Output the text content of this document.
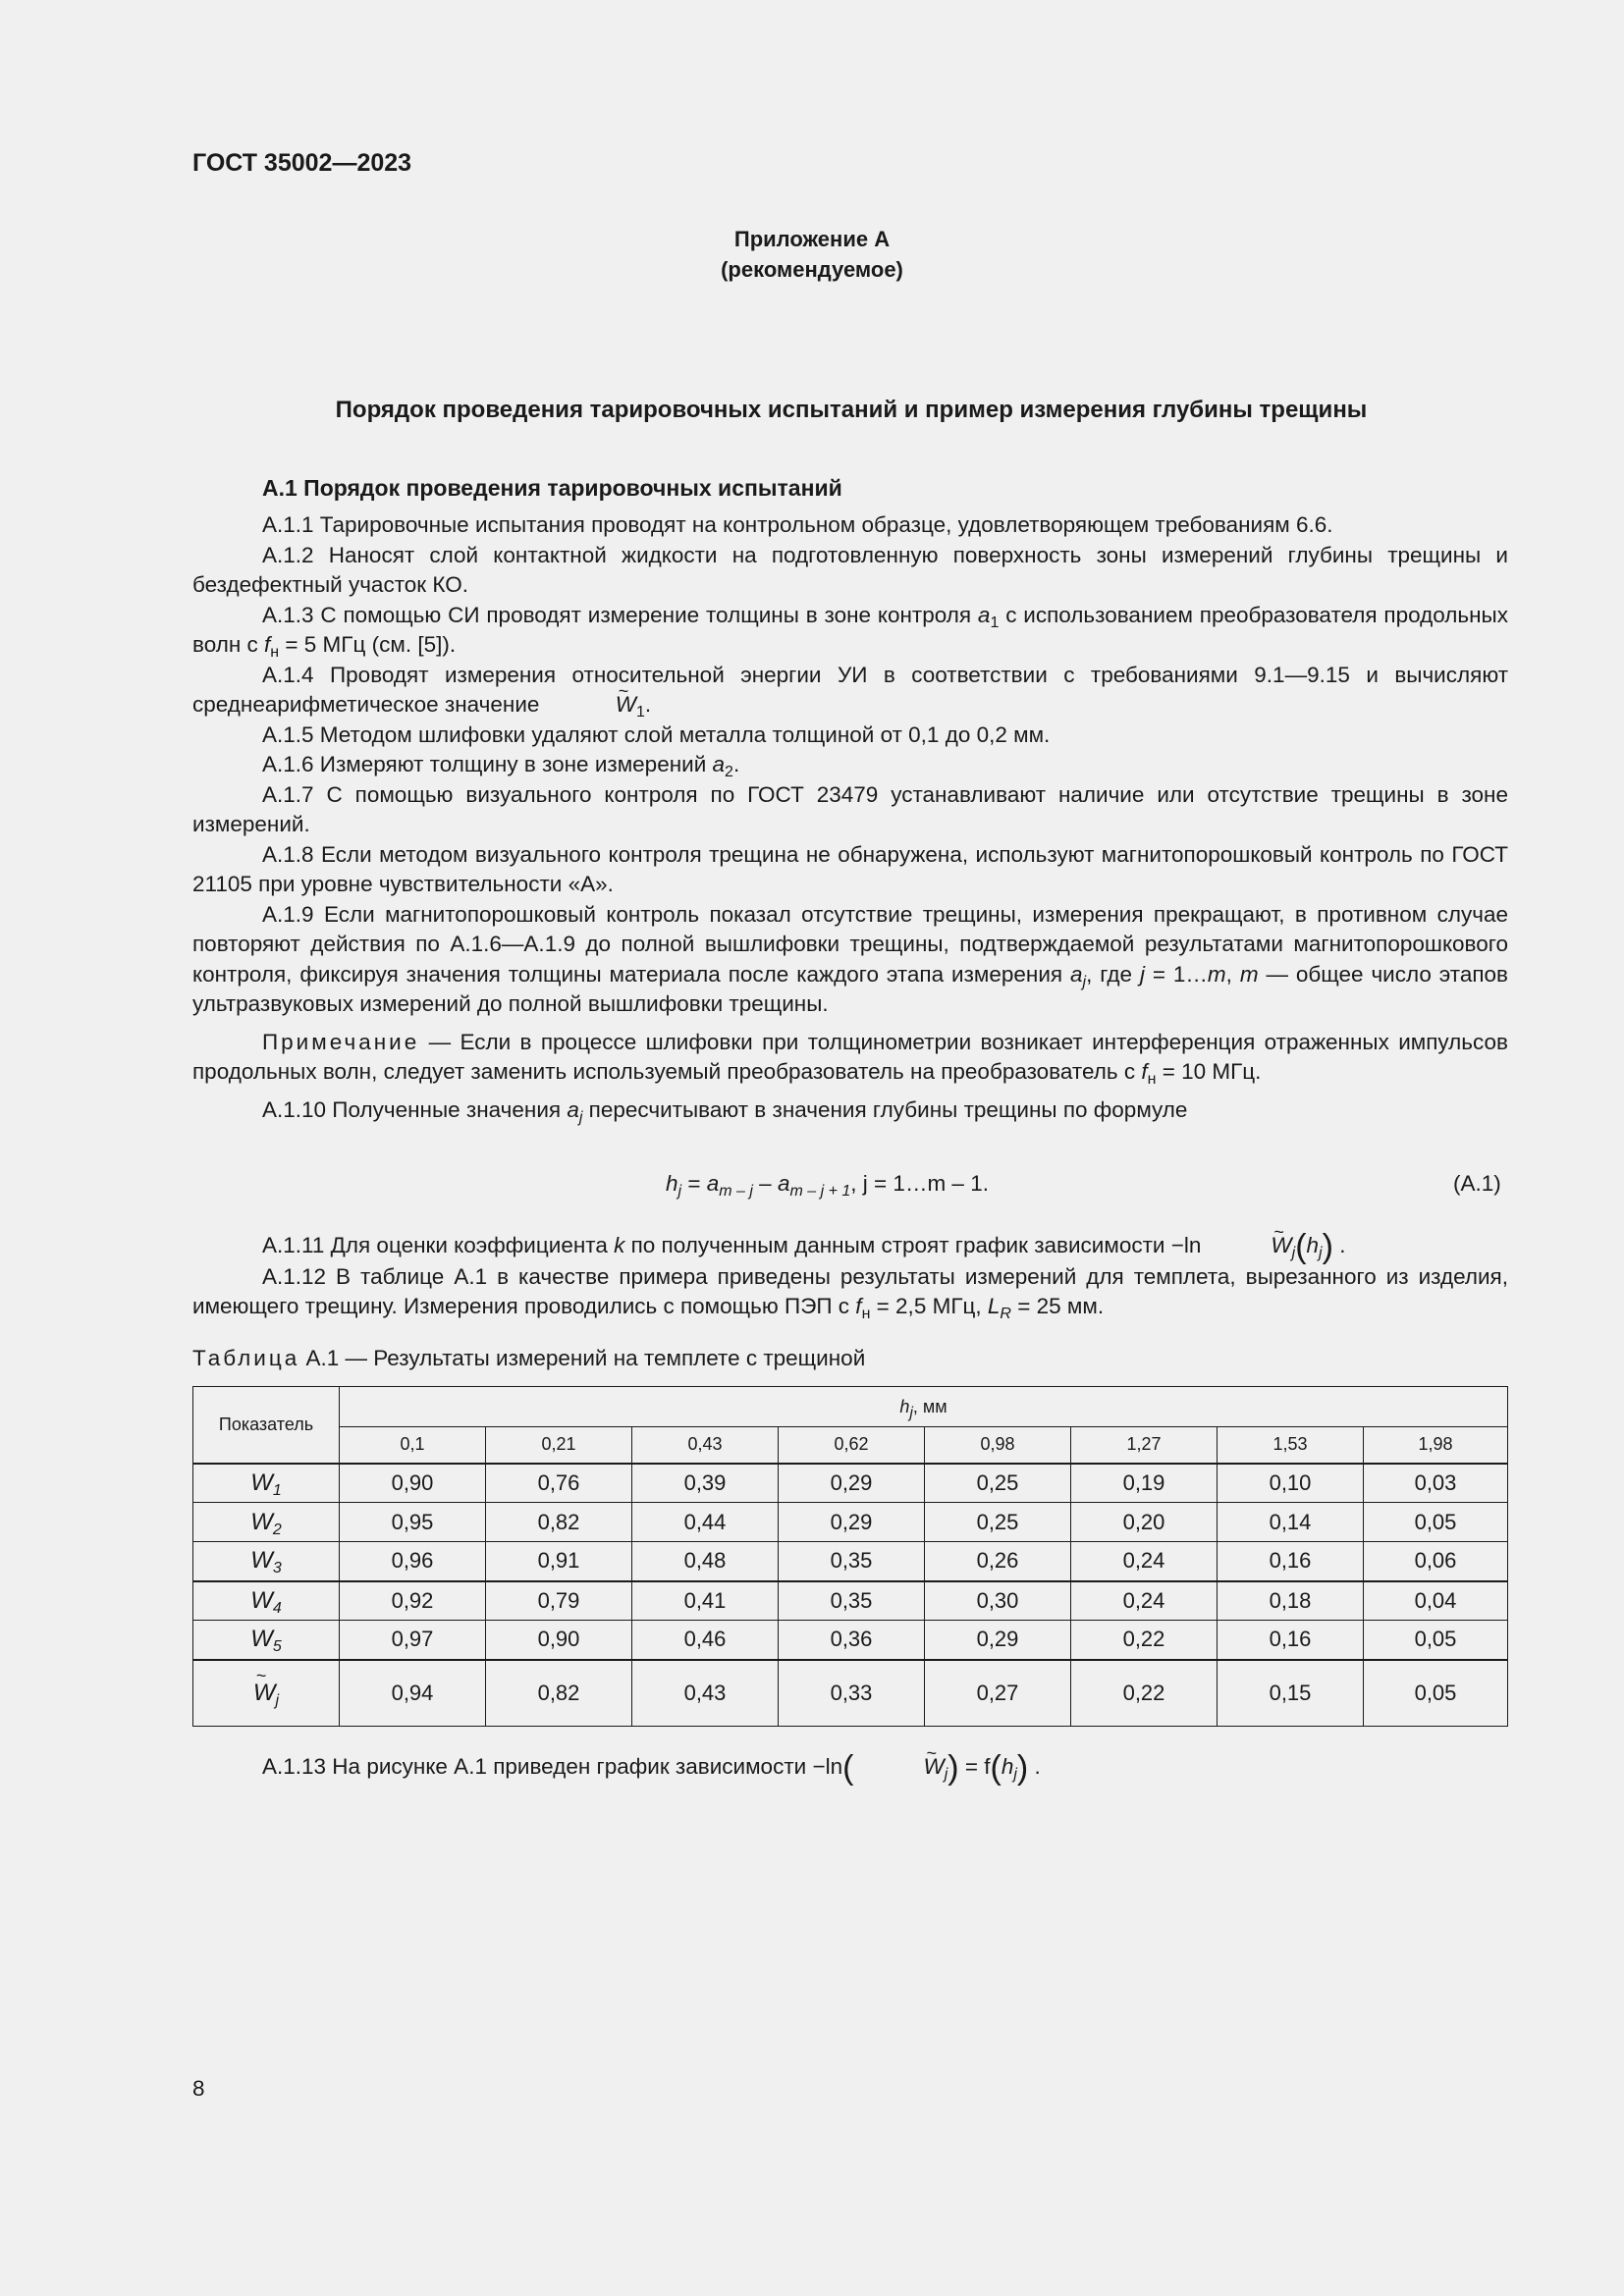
ГОСТ 35002—2023
Приложение А
(рекомендуемое)
Порядок проведения тарировочных испытаний и пример измерения глубины трещины
А.1 Порядок проведения тарировочных испытаний

А.1.1 Тарировочные испытания проводят на контрольном образце, удовлетворяющем требованиям 6.6.

А.1.2 Наносят слой контактной жидкости на подготовленную поверхность зоны измерений глубины трещины и бездефектный участок КО.

А.1.3 С помощью СИ проводят измерение толщины в зоне контроля $a_1$ с использованием преобразователя продольных волн с $f_н = 5$ МГц (см. [5]).

А.1.4 Проводят измерения относительной энергии УИ в соответствии с требованиями 9.1—9.15 и вычисляют среднеарифметическое значение	~ $W_1$.

А.1.5 Методом шлифовки удаляют слой металла толщиной от 0,1 до 0,2 мм.

А.1.6 Измеряют толщину в зоне измерений $a_2$.

А.1.7 С помощью визуального контроля по ГОСТ 23479 устанавливают наличие или отсутствие трещины в зоне измерений.

А.1.8 Если методом визуального контроля трещина не обнаружена, используют магнитопорошковый контроль по ГОСТ 21105 при уровне чувствительности «А».

А.1.9 Если магнитопорошковый контроль показал отсутствие трещины, измерения прекращают, в противном случае повторяют действия по А.1.6—А.1.9 до полной вышлифовки трещины, подтверждаемой результатами магнитопорошкового контроля, фиксируя значения толщины материала после каждого этапа измерения $a_j$, где j = 1…m, m — общее число этапов ультразвуковых измерений до полной вышлифовки трещины.

Примечание — Если в процессе шлифовки при толщинометрии возникает интерференция отраженных импульсов продольных волн, следует заменить используемый преобразователь на преобразователь с $f_н = 10$ МГц.

А.1.10 Полученные значения $a_j$ пересчитывают в значения глубины трещины по формуле

$h_j = a_{m - j} - a_{m - j + 1}$, j = 1…m – 1.	(А.1)

А.1.11 Для оценки коэффициента k по полученным данным строят график зависимости −ln	~ $W_j(h_j)$ .

А.1.12 В таблице А.1 в качестве примера приведены результаты измерений для темплета, вырезанного из изделия, имеющего трещину. Измерения проводились с помощью ПЭП с $f_н = 2,5$ МГц, $L_R = 25$ мм.

Таблица А.1 — Результаты измерений на темплете с трещиной
Показатель	$h_j$, мм							
	0,1	0,21	0,43	0,62	0,98	1,27	1,53	1,98
$W_1$	0,90	0,76	0,39	0,29	0,25	0,19	0,10	0,03
$W_2$	0,95	0,82	0,44	0,29	0,25	0,20	0,14	0,05
$W_3$	0,96	0,91	0,48	0,35	0,26	0,24	0,16	0,06
$W_4$	0,92	0,79	0,41	0,35	0,30	0,24	0,18	0,04
$W_5$	0,97	0,90	0,46	0,36	0,29	0,22	0,16	0,05
~ $W_j$	0,94	0,82	0,43	0,33	0,27	0,22	0,15	0,05

А.1.13 На рисунке А.1 приведен график зависимости −ln(	~ $W_j) = f(h_j)$ .

8
